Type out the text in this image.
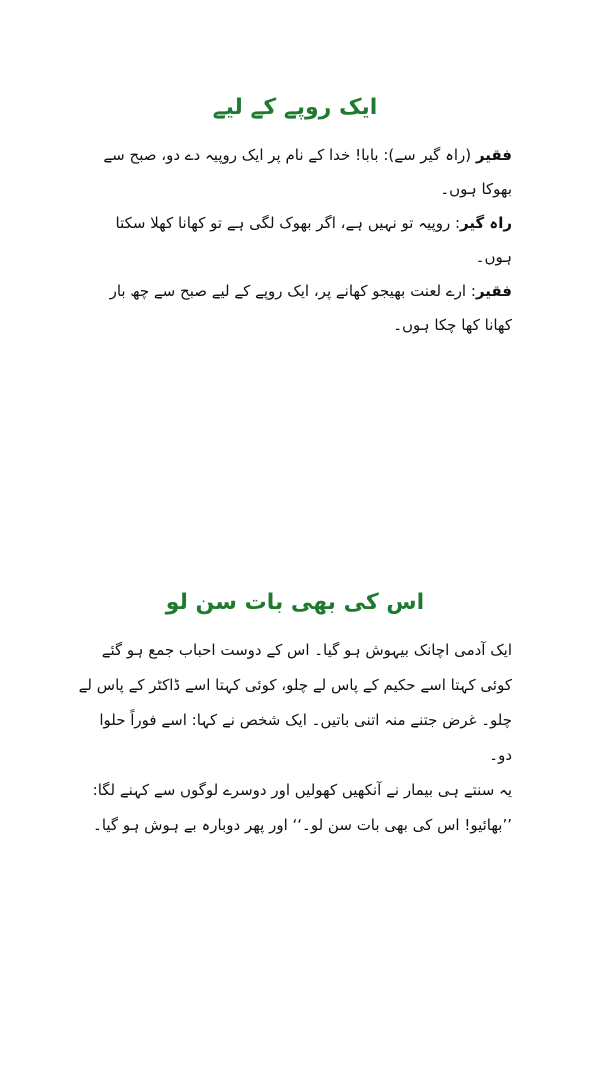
ایک روپے کے لیے

فقیر (راہ گیر سے): بابا! خدا کے نام پر ایک روپیہ دے دو، صبح سے بھوکا ہوں۔

راہ گیر: روپیہ تو نہیں ہے، اگر بھوک لگی ہے تو کھانا کھلا سکتا ہوں۔

فقیر: ارے لعنت بھیجو کھانے پر، ایک روپے کے لیے صبح سے چھ بار کھانا کھا چکا ہوں۔

اس کی بھی بات سن لو

ایک آدمی اچانک بیہوش ہو گیا۔ اس کے دوست احباب جمع ہو گئے کوئی کہتا اسے حکیم کے پاس لے چلو، کوئی کہتا اسے ڈاکٹر کے پاس لے چلو۔ غرض جتنے منہ اتنی باتیں۔ ایک شخص نے کہا: اسے فوراً حلوا دو۔

یہ سنتے ہی بیمار نے آنکھیں کھولیں اور دوسرے لوگوں سے کہنے لگا: ’’بھائیو! اس کی بھی بات سن لو۔‘‘ اور پھر دوبارہ بے ہوش ہو گیا۔
